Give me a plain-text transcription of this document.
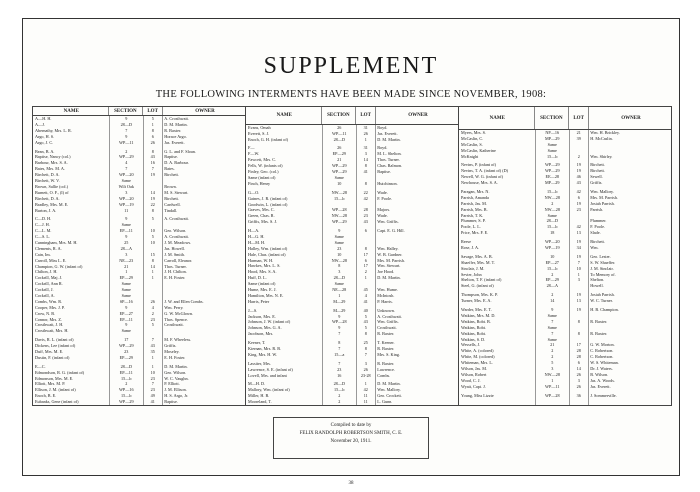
SUPPLEMENT
THE FOLLOWING INTERMENTS HAVE BEEN MADE SINCE NOVEMBER, 1908:
NAME	SECTION	LOT	OWNER
A—H. H.	9	5	A. Crosthwait.
A—J.	28—D	1	D. M. Martin.
Abernathy, Mrs. L. R.	7	8	R. Baxter.
Argo, H. S.	9	6	Horace Argo.
Argo, J. C.	WP—11	26	Jas. Everett.
Bean, B. A.	2	8	G. L. and F. Sloan.
Baptise, Nancy (col.)	WP—29	43	Baptise.
Barbour, Mrs. S. A.	4	16	D. A. Barbour.
Bates, Mrs. M. A.	7	7	Bates.
Birchett, D. A.	WP—20	19	Birchett.
Birchett, W. V.	Same
Brown, Sallie (col.)	Wilt Oak	Brown.
Burnett, O. F., (I) of	3	14	M. S. Stewart.
Birchett, D. A.	WP—20	19	Birchett.
Bradley, Mrs. M. E.	WP—19	22	Cardwell.
Burton, J. A.	11	8	Tindall.
C—D. H.	9	5	A. Crosthwait.
C—J. H.	Same
C—L. M.	EP—11	10	Geo. Wilson.
C—S. L.	9	5	A. Crosthwait.
Cunningham, Mrs. M. H.	25	10	J. M. Meadows.
Clements, R. A.	28—A	Jas. Howell.
Cain, Im.	3	15	J. M. Smith.
Carroll, Miss L. E.	NE—23	8	Carroll, Eleanor.
Champion, G. W. (infant of)	21	14	Thos. Turner.
Chilton, J. H.	1	1	J. H. Chilton.
Cockrill, Maj. J.	EP—29	1	E. H. Foster.
Cockrill, Ann R.	Same
Cockrill, J.	Same
Cockrill, A.	Same
Combs, Wm. R.	SP—16	26	J. W. and Ellen Combs.
Cooper, Mrs. J. P.	9	4	Wm. Perry.
Crow, N. B.	EP—27	2	G. W. McGlown.
Connor, Mrs. Z.	EP—11	23	Thos. Spence.
Crosthwait, J. H.	9	5	Crosthwait.
Crosthwait, Mrs. H.	Same
Davis, R. L. (infant of)	17	7	M. F. Wheeless.
Dickens, Lee (infant of)	WP—29	43	Griffis.
Duff, Mrs. M. E.	23	35	Moseley.
Dustin, F. (infant of)	EP—29	1	E. H. Foster.
E—C.	28—D	1	D. M. Martin.
Edmondson, R. G. (infant of)	EP—11	10	Geo. Wilson.
Edmonson, Mrs. M. E.	15—b	23	W. C. Vaughn.
Elliott, Mrs. M. P.	2	7	P. Elliott.
Ellison, J. M. (infant of)	WP—16	23	J. M. Ellison.
Enoch, B. E.	15—b	49	H. S. Argo, Jr.
Eubanks, Gene (infant of)	WP—29	41	Baptise.
NAME	SECTION	LOT	OWNER
Evans, Omah	26	31	Boyd.
Everett, S. J.	WP—11	26	Jas. Everett.
Enoch, G. H. (infant of)	28—D	1	D. M. Martin.
F—	26	31	Boyd.
F—W.	EP—29	3	M. L. Shelton.
Fawcett, Mrs. C.	21	14	Thos. Turner.
Fells, W. (infants of)	WP—29	8	Chas. Ralmon.
Finley, Geo. (col.)	WP—29	41	Baptise.
Same (infant of)	Same
Finch, Henry	10	8	Hutchinson.
G—O.	NW—28	22	Wade.
Gaines, J. R. (infant of)	15—b	42	F. Poole.
Goodwin, L. (infant of)
Graves, Mrs. C.	WP—28	28	Majors.
Green, Chas. R.	NW—28	23	Wade.
Griffis, Mrs. S. J.	WP—29	43	Wm. Griffis.
H—A.	9	6	Capt. E. G. Hill.
H—G. H.	Same
H—M. H.	Same
Halley, Wm. (infant of)	23	8	Wm. Halley.
Hale, Chas. (infant of)	10	17	W. B. Gardner.
Harman, W. H.	NW—28	6	Mrs. M. Parrish.
Hawkes, Mrs. L. S.	8	17	Wm. Stewart.
Hood, Mrs. S. A.	3	2	Joe Hood.
Huff, D. L.	28—D	1	D. M. Martin.
Same (infant of)	Same
Hume, Mrs. E. J.	NE—28	45	Wm. Hume.
Hamilton, Mrs. N. E.	1	4	McIntosh.
Harris, Peter	M—29	41	P. Harris.
J—S.	M—29	40	Unknown.
Jackson, Mrs. E.	9	5	A. Crosthwait.
Johnson, J. W. (infant of)	WP—28	43	Wm. Griffis.
Johnson, Mrs. G. A.	9	5	Crosthwait.
Jacobson, Mrs.	7	8	R. Baxter.
Keener, T.	8	25	T. Keener.
Kiernan, Mrs. R. B.	7	8	R. Baxter.
King, Mrs. H. W.	15—a	7	Mrs. S. King.
Lassiter, Mrs.	7	3	R. Baxter.
Lawrence, S. E. (infant of)	23	26	Lawrence.
Lovell, Mrs. and infant	16	23-28	Combs.
M—H. D.	28—D	1	D. M. Martin.
Mallory, Wm. (infant of)	15—b	42	Wm. Mallory.
Miller, H. B.	2	11	Geo. Crockett.
Mooreland, T.	2	11	L. Gunn.
NAME	SECTION	LOT	OWNER
Myers, Mrs. S.	NP—16	21	Wm. H. Brickley.
McCaslin, C.	MP—29	39	H. McCaslin.
McCaslin, S.	Same
McCaslin, Katherine	Same
McKnight	15—b	2	Wm. Shirley.
Nevins, P. (infant of)	WP—29	19	Birchett.
Nevins, T. A. (infant of) (D)	WP—29	19	Birchett.
Newell, W. G. (infant of)	EE—28	46	Sewell.
Newhouse, Mrs. S. A.	MP—29	43	Griffis.
Paragan, Mrs. N.	15—b	42	Wm. Mallory.
Parrish, Amanda	NW—28	6	Mrs. M. Parrish.
Parrish, Jas. M.	2	19	Josiah Parrish.
Parrish, Mrs. B.	NW—28	23	Parrish.
Parrish, T. K.	Same
Plummer, S. P.	28—D	Plummer.
Poole, L. L.	15—b	42	F. Poole.
Price, Mrs. F. E.	18	13	Slade.
Reese	WP—20	19	Birchett.
Rose, J. A.	WP—19	34	Wm.
Savage, Mrs. A. B.	10	19	Geo. Lester.
Shaeffer, Mrs. M. T.	EP—27	7	S. W. Shaeffer.
Sinclair, J. M.	15—b	10	J. M. Sinclair.
Sevier, John	2	1	To Memory of.
Shelton, T. F. (infant of)	EP—29	3	Shelton.
Steel, G. (infant of)	28—A	Howell.
Thompson, Mrs. K. P.	2	19	Josiah Parrish.
Turner, Mrs. E. A.	14	13	W. C. Turner.
Warder, Mrs. E. T.	9	19	H. B. Champion.
Watkins, Mrs. M. D.	Same
Watkins, Robt. B.	7	8	R. Baxter.
Watkins, Robt.	Same
Watkins, Robt.	7	8	R. Baxter.
Watkins, S. D.	Same
Wessells, J.	21	17	G. W. Morton.
White, A. (colored)	2	28	C. Robertson.
White, M. (colored)	2	28	C. Robertson.
Whiteman, Mrs. L.	5	6	W. S. Whiteman.
Wilson, Jas. M.	3	14	Dr. J. Waters.
Wilson, Robert	NW—28	26	B. Wilson.
Wood, C. J.	1	3	Jas. A. Woods.
Wyatt, Capt. J.	WP—11	26	Jas. Everett.
Young, Miss Lizzie	WP—28	36	J. Sommerville.
Compiled to date by
FELIX RANDOLPH ROBERTSON SMITH, C. E.
November 20, 1911.
38
